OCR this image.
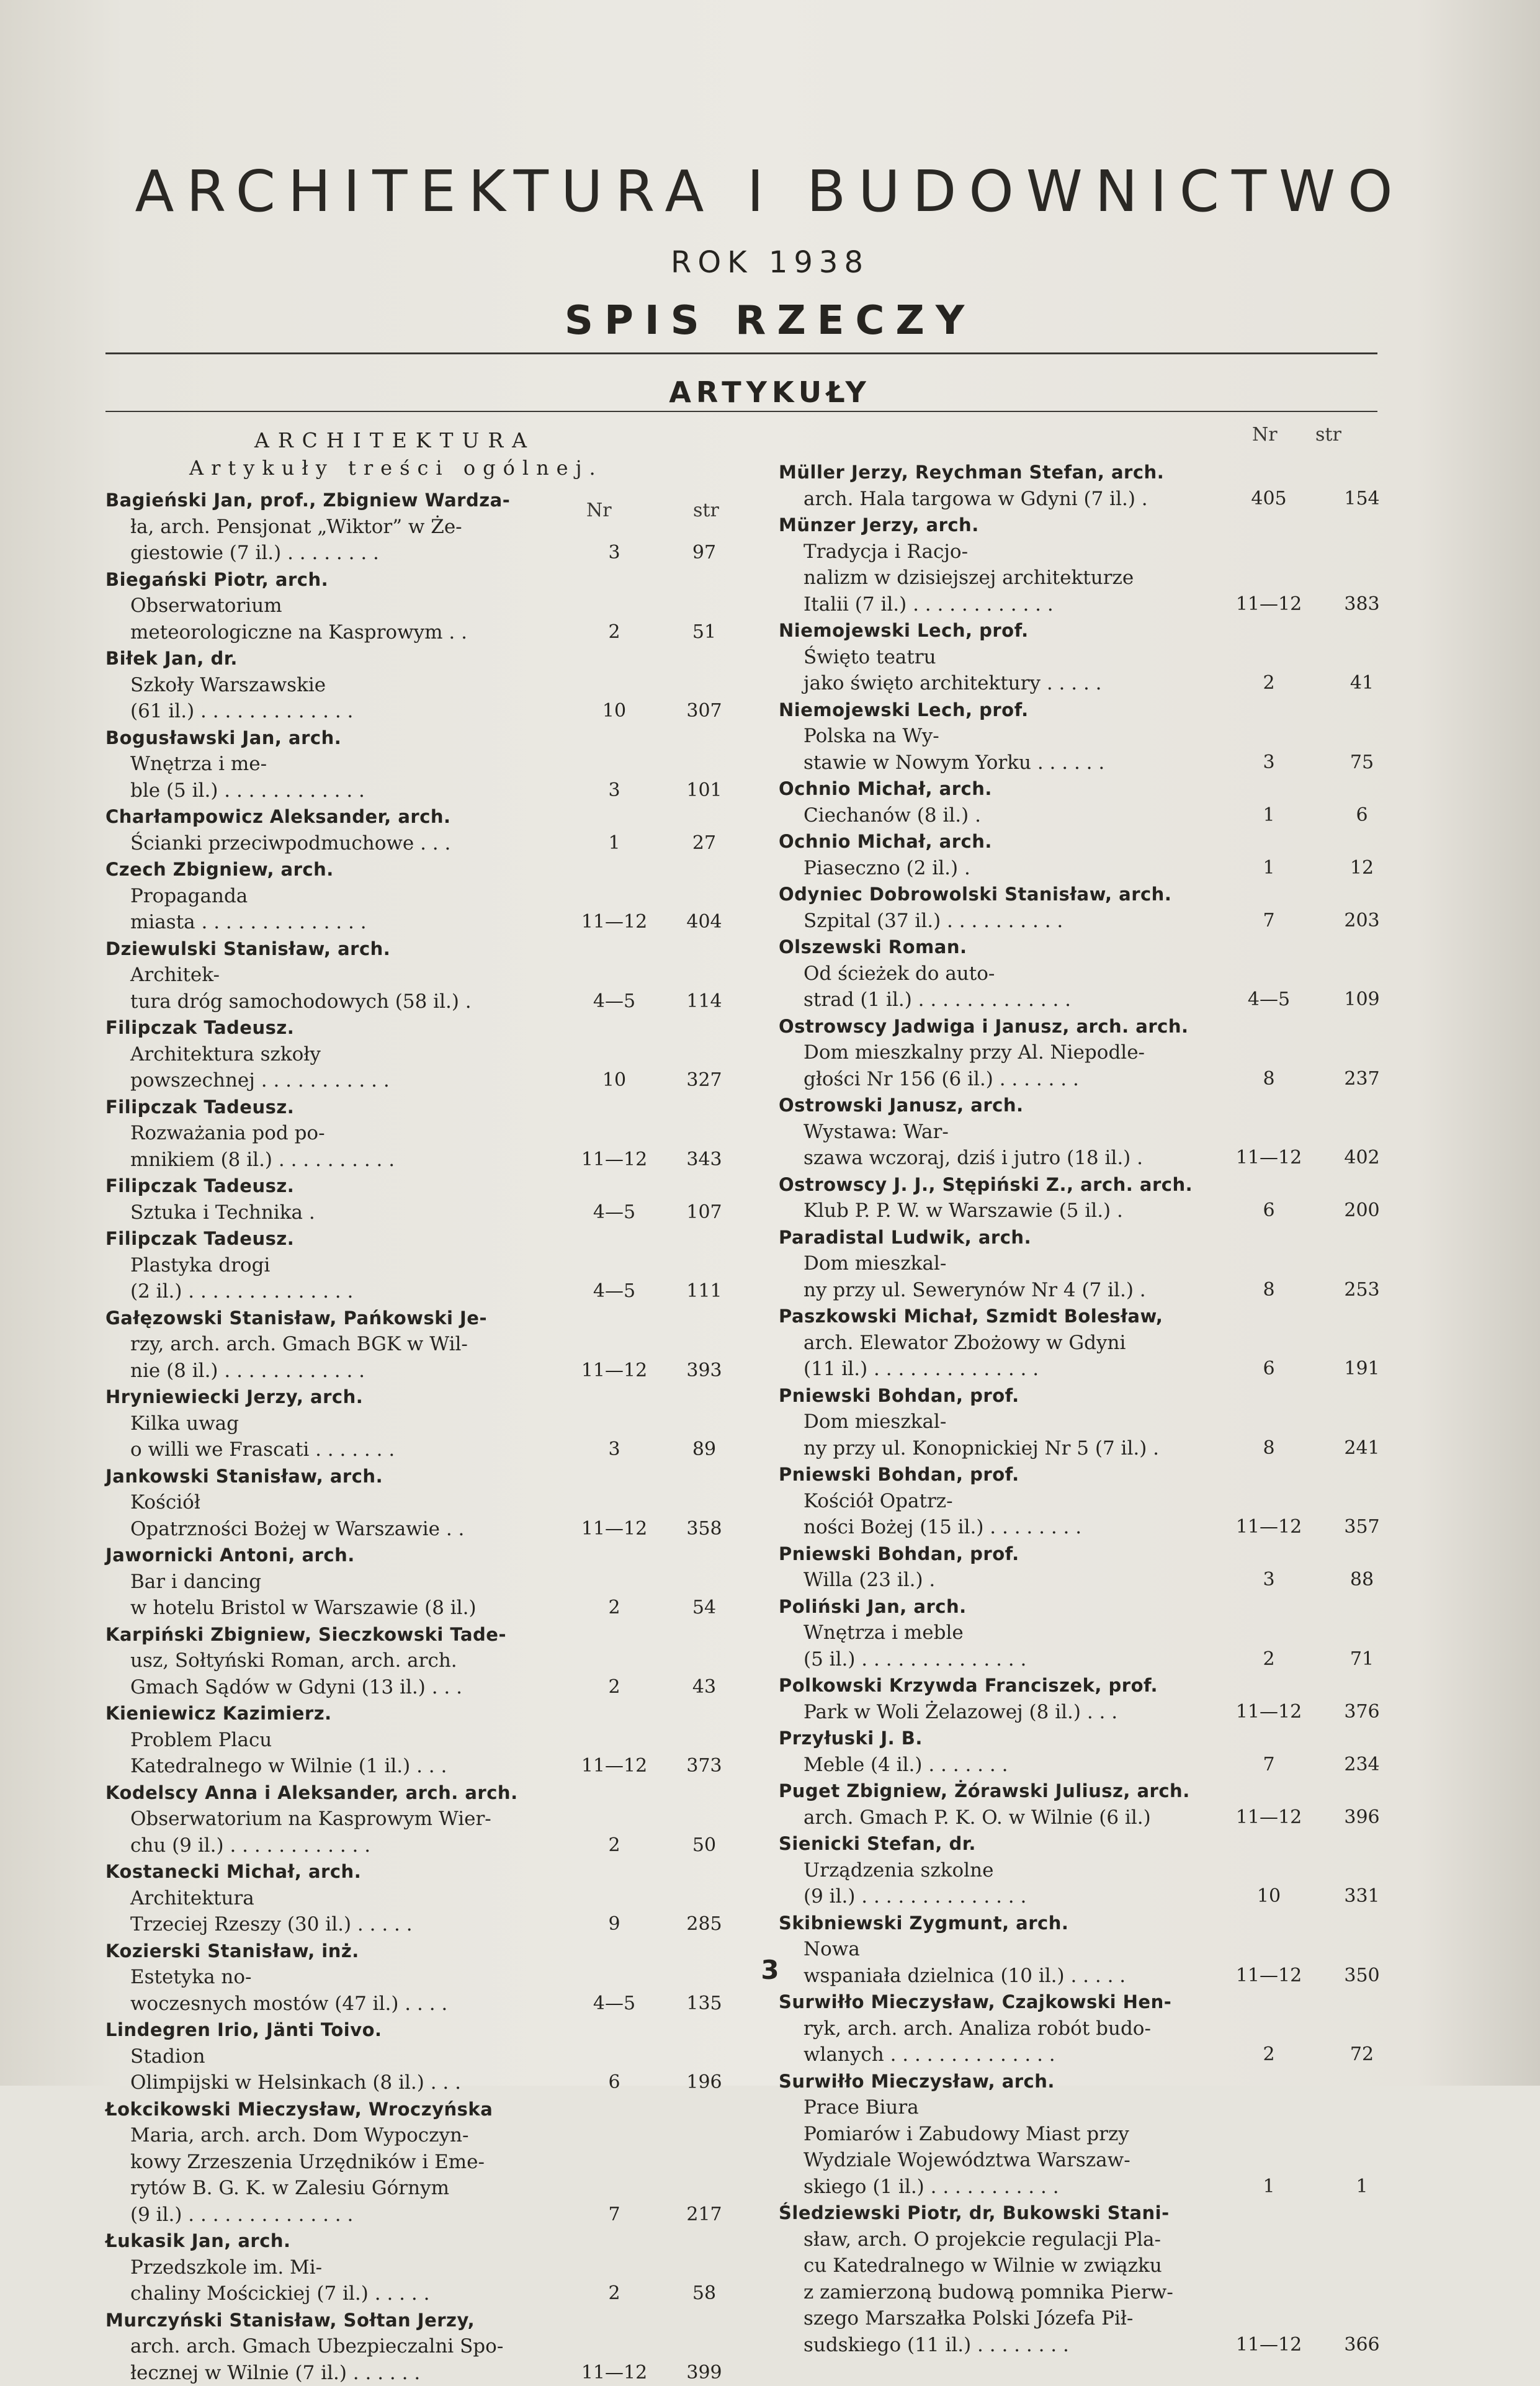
ARCHITEKTURA I BUDOWNICTWO
ROK 1938
SPIS RZECZY
ARTYKUŁY
ARCHITEKTURA
Artykuły treści ogólnej.
Nr	str
Nr str
Bagieński Jan, prof., Zbigniew Wardza-
ła, arch. Pensjonat „Wiktor” w Że-
giestowie (7 il.) . . . . . . . .	3	97
Biegański Piotr, arch.
Obserwatorium
meteorologiczne na Kasprowym . .	2	51
Biłek Jan, dr.
Szkoły Warszawskie
(61 il.) . . . . . . . . . . . . .	10	307
Bogusławski Jan, arch.
Wnętrza i me-
ble (5 il.) . . . . . . . . . . . .	3	101
Charłampowicz Aleksander, arch.
Ścianki przeciwpodmuchowe . . .	1	27
Czech Zbigniew, arch.
Propaganda
miasta . . . . . . . . . . . . . .	11—12	404
Dziewulski Stanisław, arch.
Architek-
tura dróg samochodowych (58 il.) .	4—5	114
Filipczak Tadeusz.
Architektura szkoły
powszechnej . . . . . . . . . . .	10	327
Filipczak Tadeusz.
Rozważania pod po-
mnikiem (8 il.) . . . . . . . . . .	11—12	343
Filipczak Tadeusz.
Sztuka i Technika .	4—5	107
Filipczak Tadeusz.
Plastyka drogi
(2 il.) . . . . . . . . . . . . . .	4—5	111
Gałęzowski Stanisław, Pańkowski Je-
rzy, arch. arch. Gmach BGK w Wil-
nie (8 il.) . . . . . . . . . . . .	11—12	393
Hryniewiecki Jerzy, arch.
Kilka uwag
o willi we Frascati . . . . . . .	3	89
Jankowski Stanisław, arch.
Kościół
Opatrzności Bożej w Warszawie . .	11—12	358
Jawornicki Antoni, arch.
Bar i dancing
w hotelu Bristol w Warszawie (8 il.)	2	54
Karpiński Zbigniew, Sieczkowski Tade-
usz, Sołtyński Roman, arch. arch.
Gmach Sądów w Gdyni (13 il.) . . .	2	43
Kieniewicz Kazimierz.
Problem Placu
Katedralnego w Wilnie (1 il.) . . .	11—12	373
Kodelscy Anna i Aleksander, arch. arch.
Obserwatorium na Kasprowym Wier-
chu (9 il.) . . . . . . . . . . . .	2	50
Kostanecki Michał, arch.
Architektura
Trzeciej Rzeszy (30 il.) . . . . .	9	285
Kozierski Stanisław, inż.
Estetyka no-
woczesnych mostów (47 il.) . . . .	4—5	135
Lindegren Irio, Jänti Toivo.
Stadion
Olimpijski w Helsinkach (8 il.) . . .	6	196
Łokcikowski Mieczysław, Wroczyńska
Maria, arch. arch. Dom Wypoczyn-
kowy Zrzeszenia Urzędników i Eme-
rytów B. G. K. w Zalesiu Górnym
(9 il.) . . . . . . . . . . . . . .	7	217
Łukasik Jan, arch.
Przedszkole im. Mi-
chaliny Mościckiej (7 il.) . . . . .	2	58
Murczyński Stanisław, Sołtan Jerzy,
arch. arch. Gmach Ubezpieczalni Spo-
łecznej w Wilnie (7 il.) . . . . . .	11—12	399
Müller Jerzy, Reychman Stefan, arch.
arch. Hala targowa w Gdyni (7 il.) .	405	154
Münzer Jerzy, arch.
Tradycja i Racjo-
nalizm w dzisiejszej architekturze
Italii (7 il.) . . . . . . . . . . . .	11—12	383
Niemojewski Lech, prof.
Święto teatru
jako święto architektury . . . . .	2	41
Niemojewski Lech, prof.
Polska na Wy-
stawie w Nowym Yorku . . . . . .	3	75
Ochnio Michał, arch.
Ciechanów (8 il.) .	1	6
Ochnio Michał, arch.
Piaseczno (2 il.) .	1	12
Odyniec Dobrowolski Stanisław, arch.
Szpital (37 il.) . . . . . . . . . .	7	203
Olszewski Roman.
Od ścieżek do auto-
strad (1 il.) . . . . . . . . . . . . .	4—5	109
Ostrowscy Jadwiga i Janusz, arch. arch.
Dom mieszkalny przy Al. Niepodle-
głości Nr 156 (6 il.) . . . . . . .	8	237
Ostrowski Janusz, arch.
Wystawa: War-
szawa wczoraj, dziś i jutro (18 il.) .	11—12	402
Ostrowscy J. J., Stępiński Z., arch. arch.
Klub P. P. W. w Warszawie (5 il.) .	6	200
Paradistal Ludwik, arch.
Dom mieszkal-
ny przy ul. Sewerynów Nr 4 (7 il.) .	8	253
Paszkowski Michał, Szmidt Bolesław,
arch. Elewator Zbożowy w Gdyni
(11 il.) . . . . . . . . . . . . . .	6	191
Pniewski Bohdan, prof.
Dom mieszkal-
ny przy ul. Konopnickiej Nr 5 (7 il.) .	8	241
Pniewski Bohdan, prof.
Kościół Opatrz-
ności Bożej (15 il.) . . . . . . . .	11—12	357
Pniewski Bohdan, prof.
Willa (23 il.) .	3	88
Poliński Jan, arch.
Wnętrza i meble
(5 il.) . . . . . . . . . . . . . .	2	71
Polkowski Krzywda Franciszek, prof.
Park w Woli Żelazowej (8 il.) . . .	11—12	376
Przyłuski J. B.
Meble (4 il.) . . . . . . .	7	234
Puget Zbigniew, Żórawski Juliusz, arch.
arch. Gmach P. K. O. w Wilnie (6 il.)	11—12	396
Sienicki Stefan, dr.
Urządzenia szkolne
(9 il.) . . . . . . . . . . . . . .	10	331
Skibniewski Zygmunt, arch.
Nowa
wspaniała dzielnica (10 il.) . . . . .	11—12	350
Surwiłło Mieczysław, Czajkowski Hen-
ryk, arch. arch. Analiza robót budo-
wlanych . . . . . . . . . . . . . .	2	72
Surwiłło Mieczysław, arch.
Prace Biura
Pomiarów i Zabudowy Miast przy
Wydziale Województwa Warszaw-
skiego (1 il.) . . . . . . . . . . .	1	1
Śledziewski Piotr, dr, Bukowski Stani-
sław, arch. O projekcie regulacji Pla-
cu Katedralnego w Wilnie w związku
z zamierzoną budową pomnika Pierw-
szego Marszałka Polski Józefa Pił-
sudskiego (11 il.) . . . . . . . .	11—12	366
3
